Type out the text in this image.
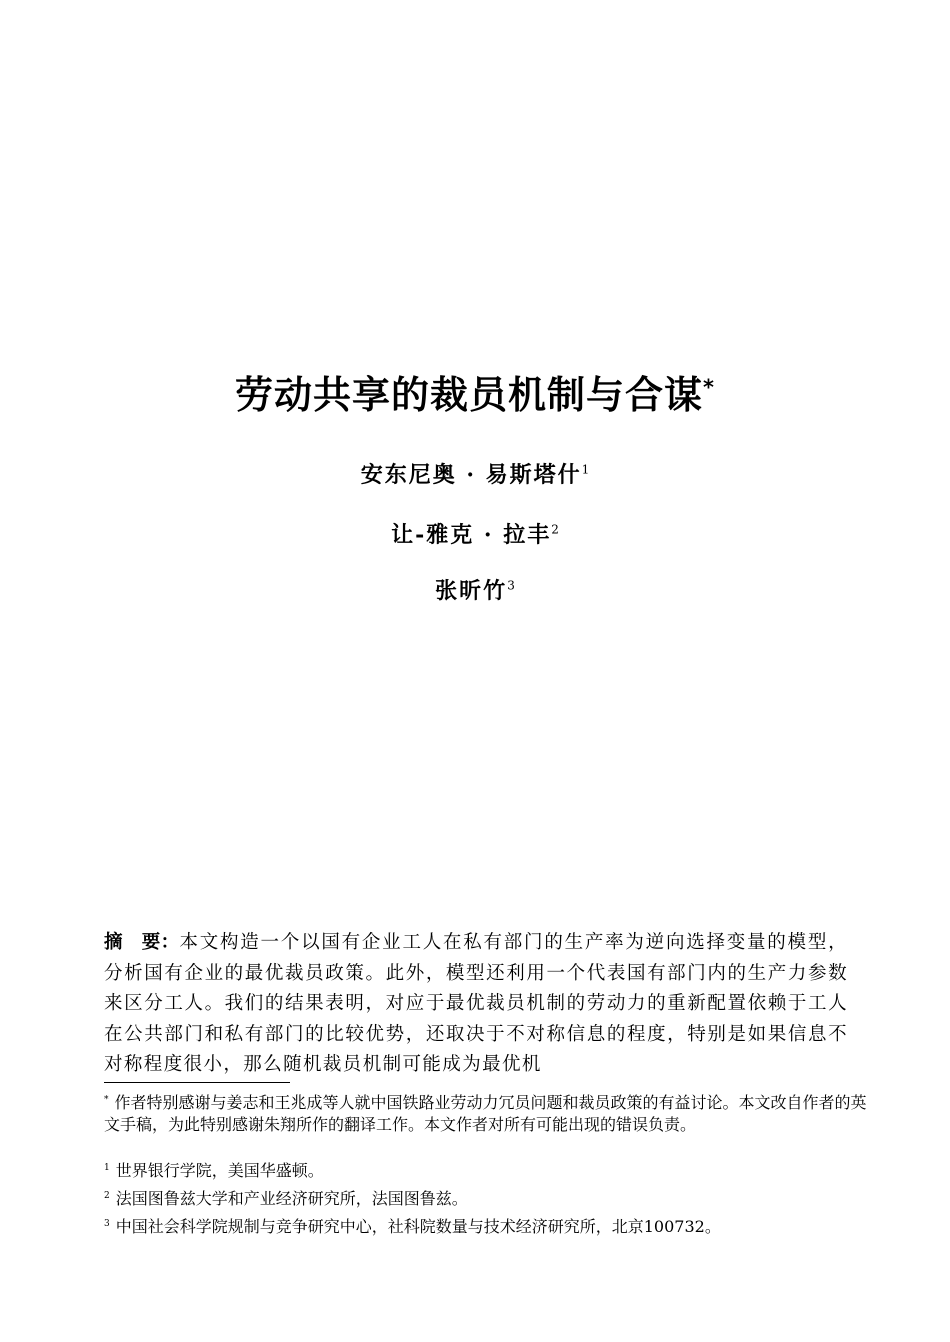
劳动共享的裁员机制与合谋*
安东尼奥 · 易斯塔什$^1$
让-雅克 · 拉丰$^2$
张昕竹$^3$
摘　要：本文构造一个以国有企业工人在私有部门的生产率为逆向选择变量的模型，分析国有企业的最优裁员政策。此外，模型还利用一个代表国有部门内的生产力参数来区分工人。我们的结果表明，对应于最优裁员机制的劳动力的重新配置依赖于工人在公共部门和私有部门的比较优势，还取决于不对称信息的程度，特别是如果信息不对称程度很小，那么随机裁员机制可能成为最优机
* 作者特别感谢与姜志和王兆成等人就中国铁路业劳动力冗员问题和裁员政策的有益讨论。本文改自作者的英文手稿，为此特别感谢朱翔所作的翻译工作。本文作者对所有可能出现的错误负责。
$^1$ 世界银行学院，美国华盛顿。
$^2$ 法国图鲁兹大学和产业经济研究所，法国图鲁兹。
$^3$ 中国社会科学院规制与竞争研究中心，社科院数量与技术经济研究所，北京100732。
